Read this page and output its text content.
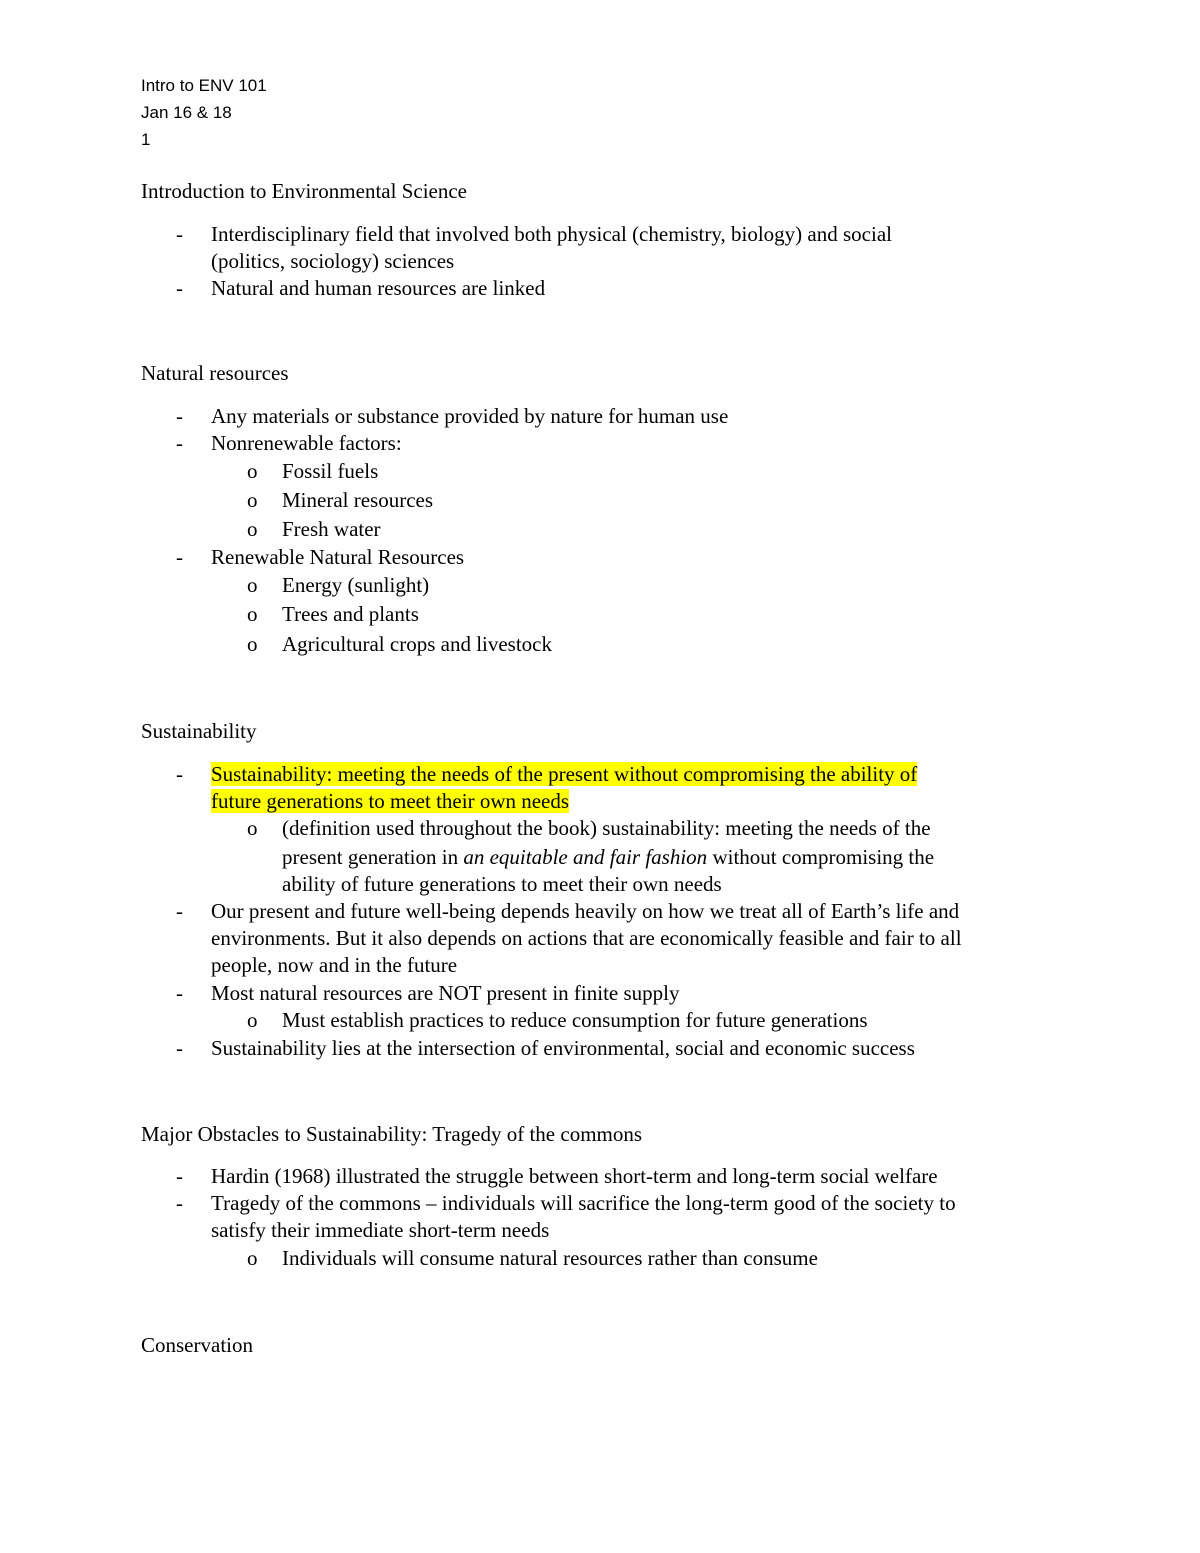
Intro to ENV 101
Jan 16 & 18
1
Introduction to Environmental Science
- Interdisciplinary field that involved both physical (chemistry, biology) and social
(politics, sociology) sciences
- Natural and human resources are linked
Natural resources
- Any materials or substance provided by nature for human use
- Nonrenewable factors:
o Fossil fuels
o Mineral resources
o Fresh water
- Renewable Natural Resources
o Energy (sunlight)
o Trees and plants
o Agricultural crops and livestock
Sustainability
- Sustainability: meeting the needs of the present without compromising the ability of
future generations to meet their own needs
o (definition used throughout the book) sustainability: meeting the needs of the
present generation in an equitable and fair fashion without compromising the
ability of future generations to meet their own needs
- Our present and future well-being depends heavily on how we treat all of Earth’s life and
environments. But it also depends on actions that are economically feasible and fair to all
people, now and in the future
- Most natural resources are NOT present in finite supply
o Must establish practices to reduce consumption for future generations
- Sustainability lies at the intersection of environmental, social and economic success
Major Obstacles to Sustainability: Tragedy of the commons
- Hardin (1968) illustrated the struggle between short-term and long-term social welfare
- Tragedy of the commons – individuals will sacrifice the long-term good of the society to
satisfy their immediate short-term needs
o Individuals will consume natural resources rather than consume
Conservation
